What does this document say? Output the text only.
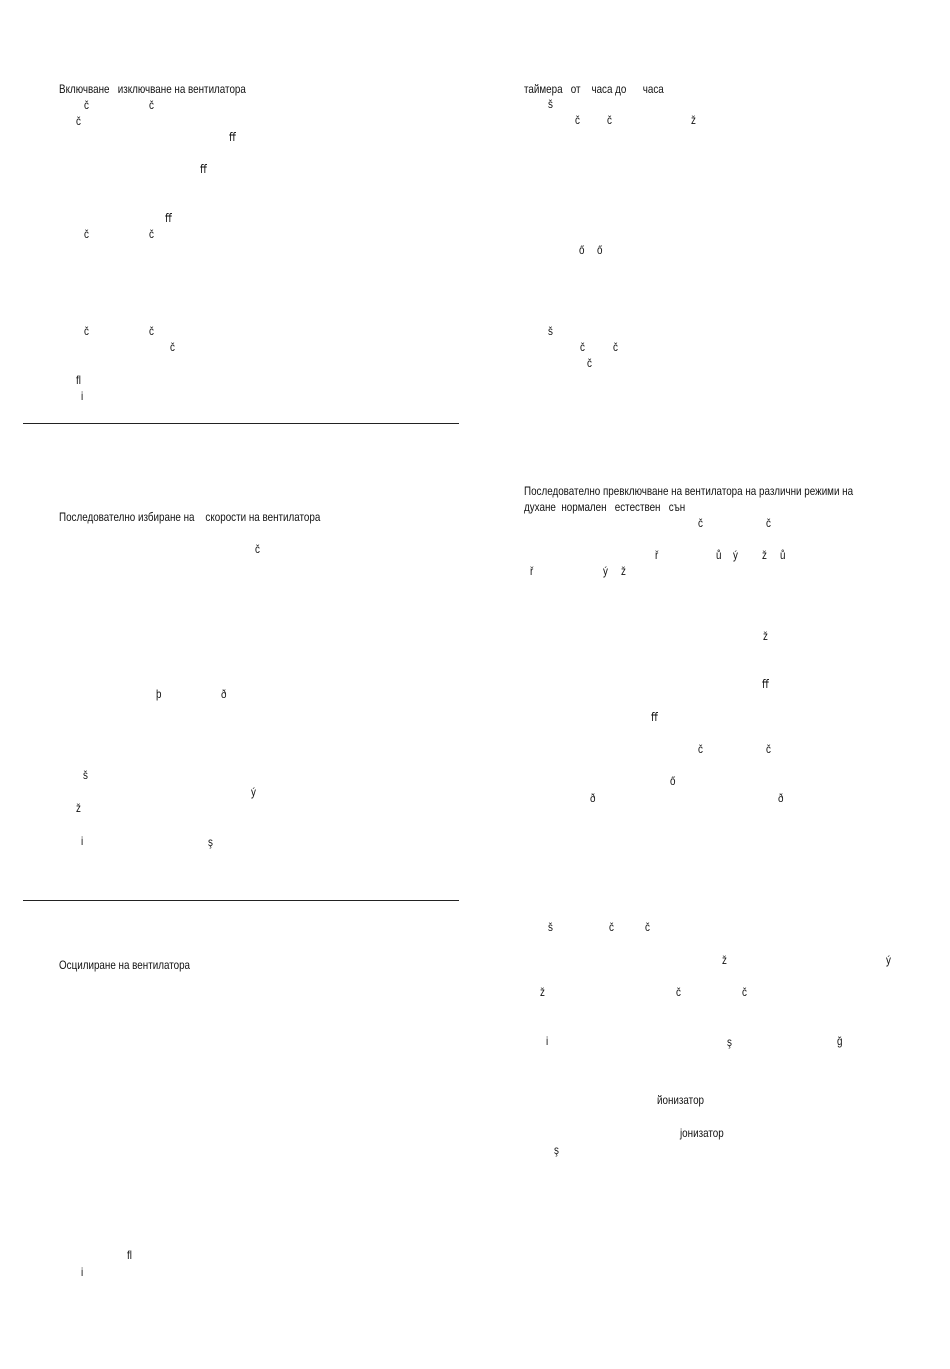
Включване   изключване на вентилатора
č	č
č
ﬀ
ﬀ
ﬀ
č	č
č	č
č
ﬂ
i
Последователно избиране на    скорости на вентилатора
č
þ	ð
š
ý
ž
i	ş
Осцилиране на вентилатора
ﬂ
i
таймера   от    часа до      часа
š
č č	ž
ő ő
š
č č
č
Последователно превключване на вентилатора на различни режими на
духане  нормален   естествен   сън
č	č
ř	ů ý ž ů
ř	ý ž
ž
ﬀ
ﬀ
č	č
ő
ð	ð
š	č	č
ž	ý
ž	č	č
i	ş	ğ
йонизатор
jонизатор
ş
